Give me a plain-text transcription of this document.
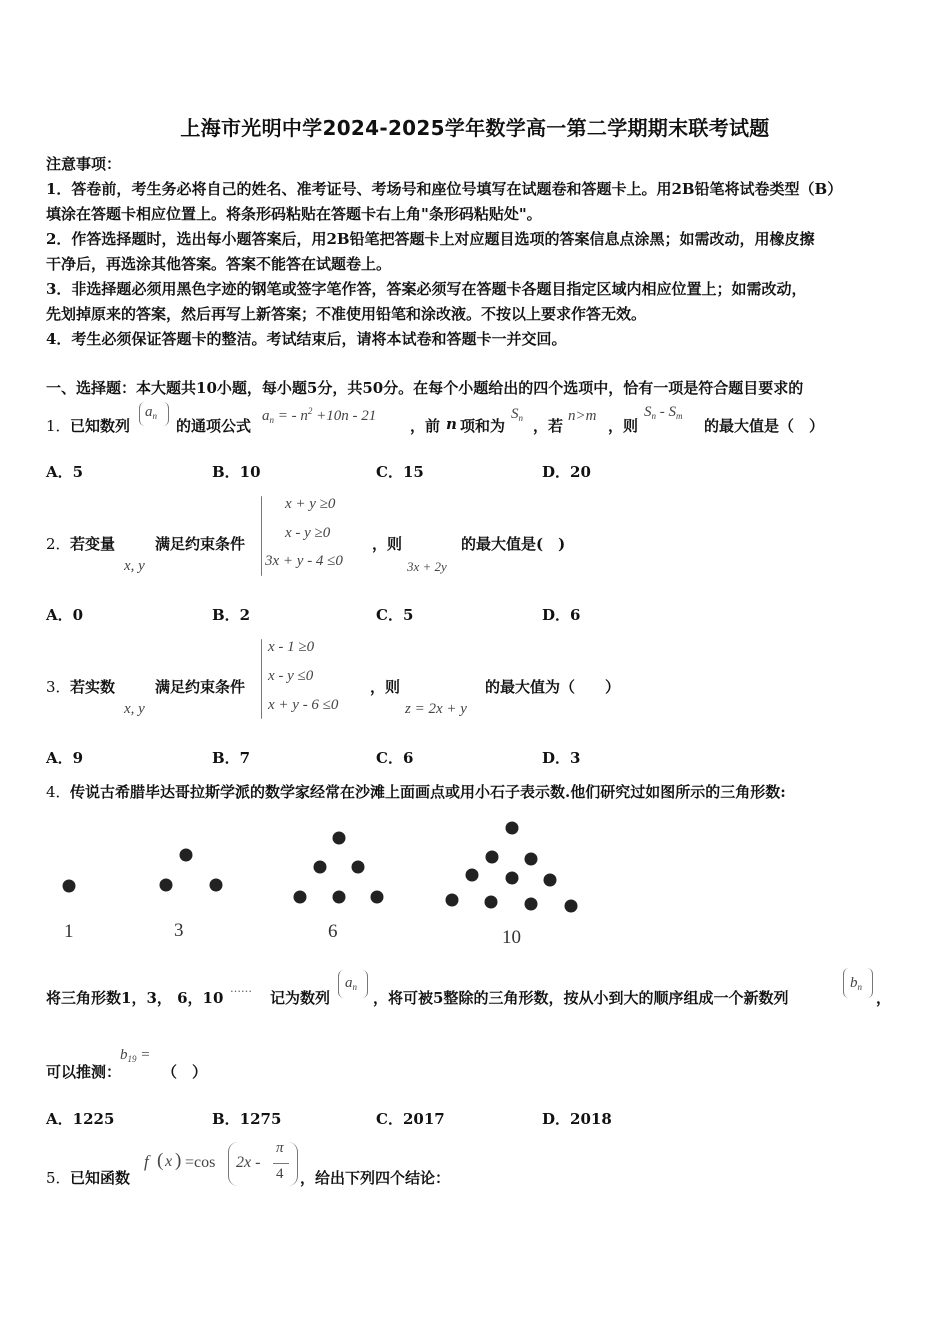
上海市光明中学2024-2025学年数学高一第二学期期末联考试题
注意事项：
1．答卷前，考生务必将自己的姓名、准考证号、考场号和座位号填写在试题卷和答题卡上。用2B铅笔将试卷类型（B）
填涂在答题卡相应位置上。将条形码粘贴在答题卡右上角"条形码粘贴处"。
2．作答选择题时，选出每小题答案后，用2B铅笔把答题卡上对应题目选项的答案信息点涂黑；如需改动，用橡皮擦
干净后，再选涂其他答案。答案不能答在试题卷上。
3．非选择题必须用黑色字迹的钢笔或签字笔作答，答案必须写在答题卡各题目指定区域内相应位置上；如需改动，
先划掉原来的答案，然后再写上新答案；不准使用铅笔和涂改液。不按以上要求作答无效。
4．考生必须保证答题卡的整洁。考试结束后，请将本试卷和答题卡一并交回。
一、选择题：本大题共10小题，每小题5分，共50分。在每个小题给出的四个选项中，恰有一项是符合题目要求的
1． 已知数列
$a_n$
的通项公式
$a_n$ = - $n^2 +10n - 21$
，前 n 项和为
$S_n$ ，若
n>m
，则
$S_n - S_m$
的最大值是（　）
A．5	B．10	C．15	D．20
2． 若变量
x, y
满足约束条件
x + y ≥0
x - y ≥0
3x + y - 4 ≤0
，则
3x + 2y
的最大值是(　)
A．0	B．2	C．5	D．6
3． 若实数
x, y
满足约束条件
x - 1 ≥0
x - y ≤0
x + y - 6 ≤0
，则
z = 2x + y
的最大值为（　　）
A．9	B．7	C．6	D．3
4． 传说古希腊毕达哥拉斯学派的数学家经常在沙滩上面画点或用小石子表示数.他们研究过如图所示的三角形数:
1	3	6	10
将三角形数1，3， 6，10
……
记为数列
$a_n$
，将可被5整除的三角形数，按从小到大的顺序组成一个新数列
$b_n$
，
可以推测：
$b_{19}$ =
（　）
A．1225	B．1275	C．2017	D．2018
5． 已知函数
f ( x ) =cos 2x -
π
4 ，给出下列四个结论：
